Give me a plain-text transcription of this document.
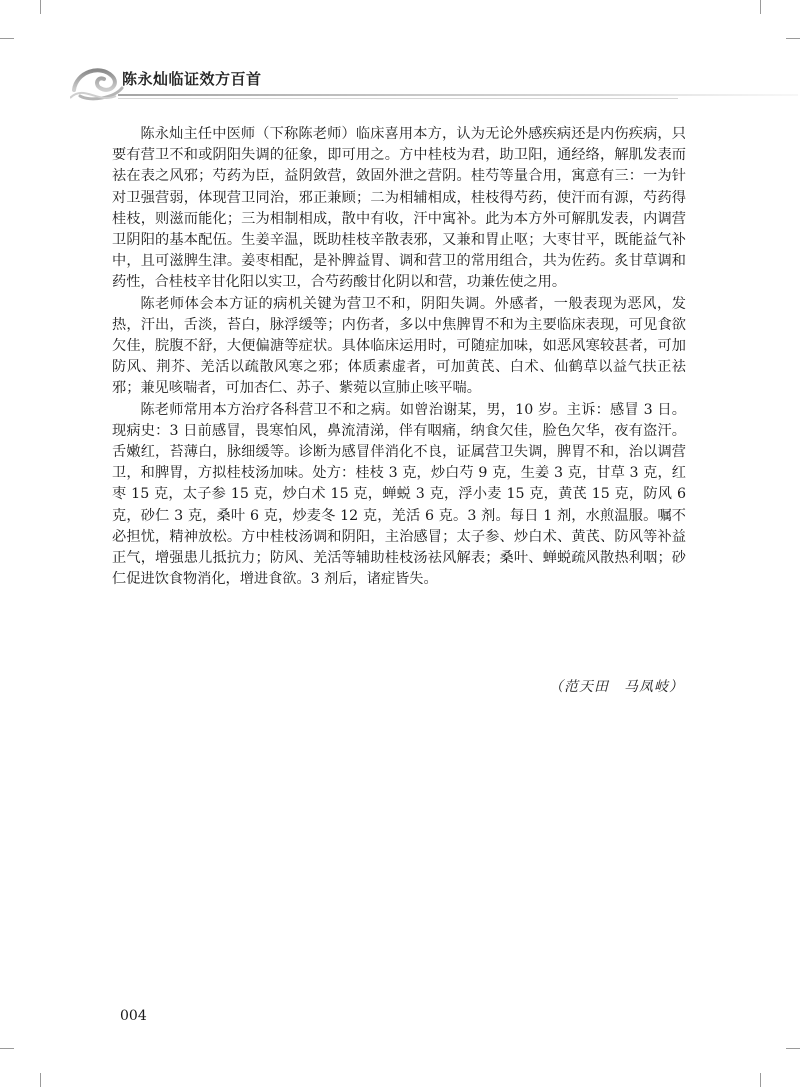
陈永灿临证效方百首

陈永灿主任中医师（下称陈老师）临床喜用本方，认为无论外感疾病还是内伤疾病，只要有营卫不和或阴阳失调的征象，即可用之。方中桂枝为君，助卫阳，通经络，解肌发表而祛在表之风邪；芍药为臣，益阴敛营，敛固外泄之营阴。桂芍等量合用，寓意有三：一为针对卫强营弱，体现营卫同治，邪正兼顾；二为相辅相成，桂枝得芍药，使汗而有源，芍药得桂枝，则滋而能化；三为相制相成，散中有收，汗中寓补。此为本方外可解肌发表，内调营卫阴阳的基本配伍。生姜辛温，既助桂枝辛散表邪，又兼和胃止呕；大枣甘平，既能益气补中，且可滋脾生津。姜枣相配，是补脾益胃、调和营卫的常用组合，共为佐药。炙甘草调和药性，合桂枝辛甘化阳以实卫，合芍药酸甘化阴以和营，功兼佐使之用。

陈老师体会本方证的病机关键为营卫不和，阴阳失调。外感者，一般表现为恶风，发热，汗出，舌淡，苔白，脉浮缓等；内伤者，多以中焦脾胃不和为主要临床表现，可见食欲欠佳，脘腹不舒，大便偏溏等症状。具体临床运用时，可随症加味，如恶风寒较甚者，可加防风、荆芥、羌活以疏散风寒之邪；体质素虚者，可加黄芪、白术、仙鹤草以益气扶正祛邪；兼见咳喘者，可加杏仁、苏子、紫菀以宣肺止咳平喘。

陈老师常用本方治疗各科营卫不和之病。如曾治谢某，男，10 岁。主诉：感冒 3 日。现病史：3 日前感冒，畏寒怕风，鼻流清涕，伴有咽痛，纳食欠佳，脸色欠华，夜有盗汗。舌嫩红，苔薄白，脉细缓等。诊断为感冒伴消化不良，证属营卫失调，脾胃不和，治以调营卫，和脾胃，方拟桂枝汤加味。处方：桂枝 3 克，炒白芍 9 克，生姜 3 克，甘草 3 克，红枣 15 克，太子参 15 克，炒白术 15 克，蝉蜕 3 克，浮小麦 15 克，黄芪 15 克，防风 6 克，砂仁 3 克，桑叶 6 克，炒麦冬 12 克，羌活 6 克。3 剂。每日 1 剂，水煎温服。嘱不必担忧，精神放松。方中桂枝汤调和阴阳，主治感冒；太子参、炒白术、黄芪、防风等补益正气，增强患儿抵抗力；防风、羌活等辅助桂枝汤祛风解表；桑叶、蝉蜕疏风散热利咽；砂仁促进饮食物消化，增进食欲。3 剂后，诸症皆失。

（范天田　马凤岐）
004
